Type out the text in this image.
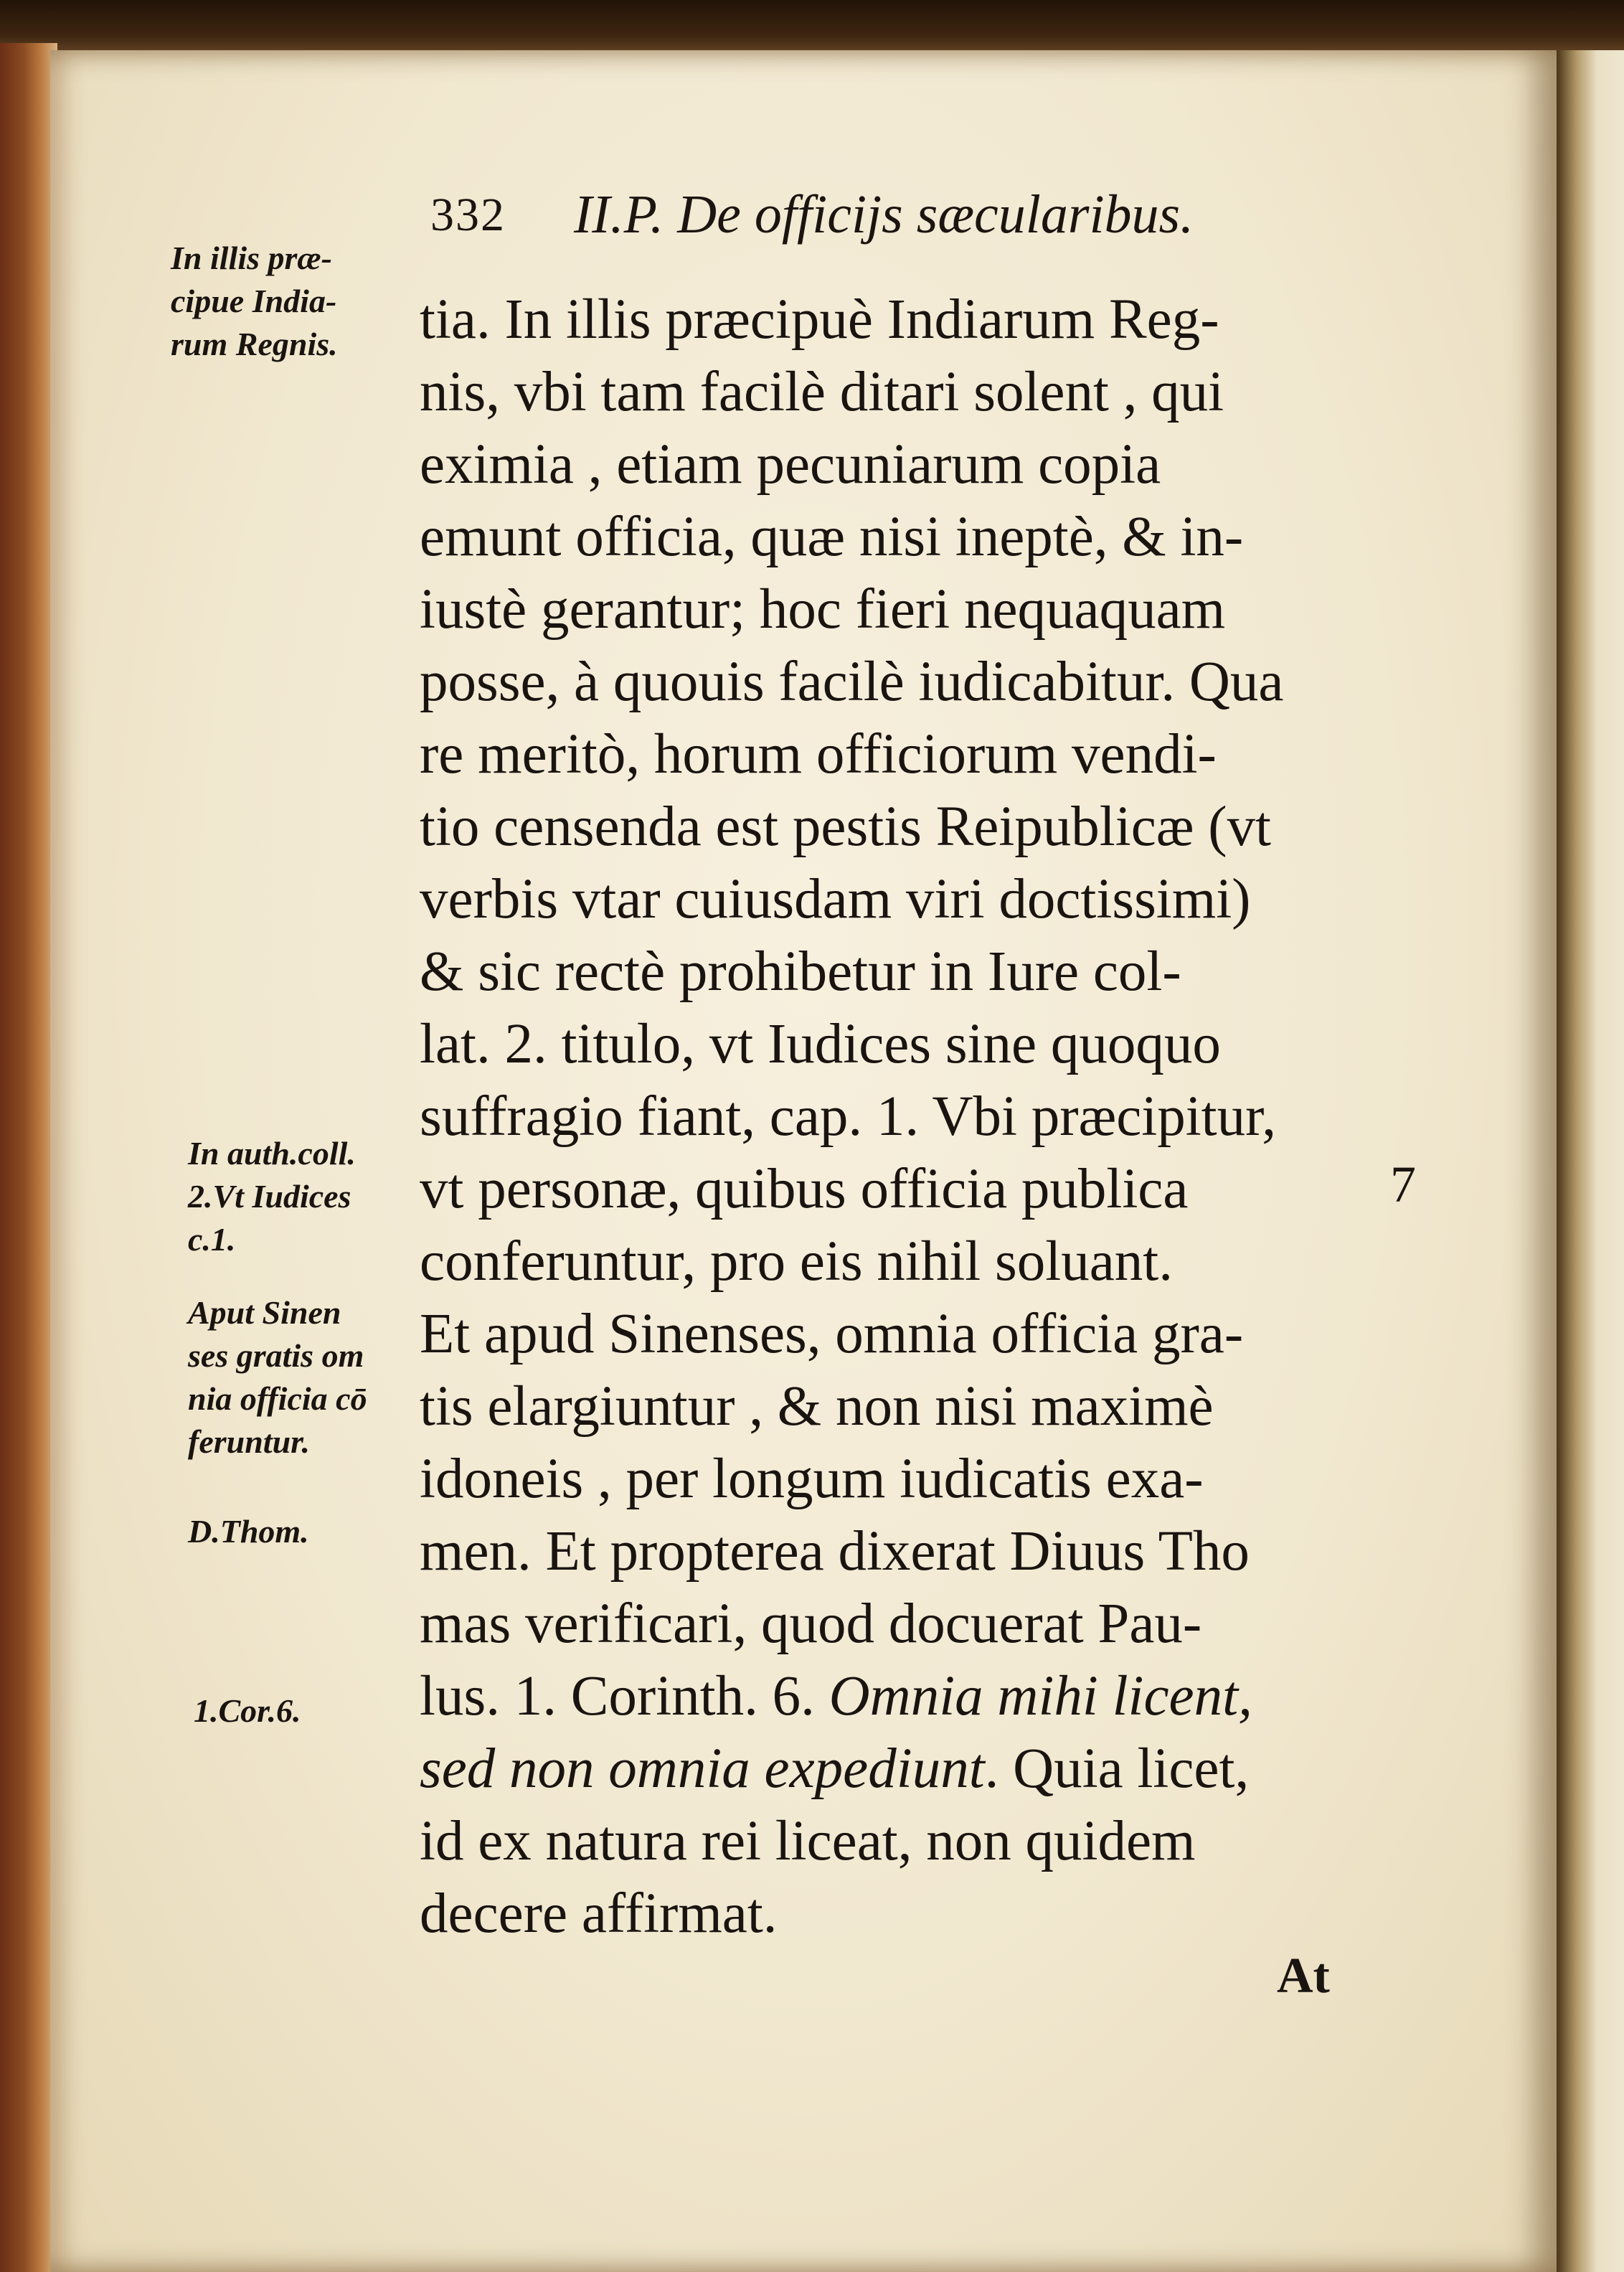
332 II.P. De officijs sæcularibus.
In illis præ-
cipue India-
rum Regnis.
In auth.coll.
2.Vt Iudices
c.1.
Aput Sinen
ses gratis om
nia officia cō
feruntur.
D.Thom.
1.Cor.6.
tia. In illis præcipuè Indiarum Reg-
nis, vbi tam facilè ditari solent , qui
eximia , etiam pecuniarum copia
emunt officia, quæ nisi ineptè, & in-
iustè gerantur; hoc fieri nequaquam
posse, à quouis facilè iudicabitur. Qua
re meritò, horum officiorum vendi-
tio censenda est pestis Reipublicæ (vt
verbis vtar cuiusdam viri doctissimi)
& sic rectè prohibetur in Iure col-
lat. 2. titulo, vt Iudices sine quoquo
suffragio fiant, cap. 1. Vbi præcipitur,
vt personæ, quibus officia publica
conferuntur, pro eis nihil soluant.
Et apud Sinenses, omnia officia gra-
tis elargiuntur , & non nisi maximè
idoneis , per longum iudicatis exa-
men. Et propterea dixerat Diuus Tho
mas verificari, quod docuerat Pau-
lus. 1. Corinth. 6. Omnia mihi licent,
sed non omnia expediunt. Quia licet,
id ex natura rei liceat, non quidem
decere affirmat.
7
At
